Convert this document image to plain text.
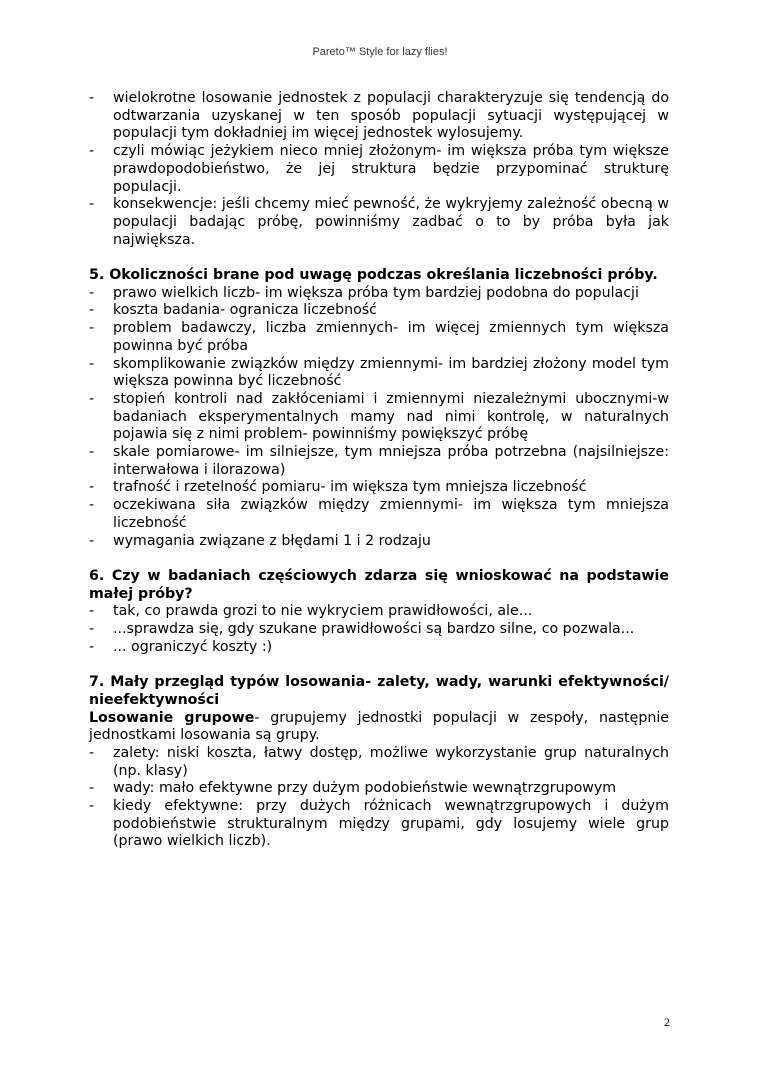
Pareto™ Style for lazy flies!
- wielokrotne losowanie jednostek z populacji charakteryzuje się tendencją do odtwarzania uzyskanej w ten sposób populacji sytuacji występującej w populacji tym dokładniej im więcej jednostek wylosujemy.
- czyli mówiąc jeżykiem nieco mniej złożonym- im większa próba tym większe prawdopodobieństwo, że jej struktura będzie przypominać strukturę populacji.
- konsekwencje: jeśli chcemy mieć pewność, że wykryjemy zależność obecną w populacji badając próbę, powinniśmy zadbać o to by próba była jak największa.
5. Okoliczności brane pod uwagę podczas określania liczebności próby.
- prawo wielkich liczb- im większa próba tym bardziej podobna do populacji
- koszta badania- ogranicza liczebność
- problem badawczy, liczba zmiennych- im więcej zmiennych tym większa powinna być próba
- skomplikowanie związków między zmiennymi- im bardziej złożony model tym większa powinna być liczebność
- stopień kontroli nad zakłóceniami i zmiennymi niezależnymi ubocznymi-w badaniach eksperymentalnych mamy nad nimi kontrolę, w naturalnych pojawia się z nimi problem- powinniśmy powiększyć próbę
- skale pomiarowe- im silniejsze, tym mniejsza próba potrzebna (najsilniejsze: interwałowa i ilorazowa)
- trafność i rzetelność pomiaru- im większa tym mniejsza liczebność
- oczekiwana siła związków między zmiennymi- im większa tym mniejsza liczebność
- wymagania związane z błędami 1 i 2 rodzaju
6. Czy w badaniach częściowych zdarza się wnioskować na podstawie małej próby?
- tak, co prawda grozi to nie wykryciem prawidłowości, ale...
- ...sprawdza się, gdy szukane prawidłowości są bardzo silne, co pozwala...
- ... ograniczyć koszty :)
7. Mały przegląd typów losowania- zalety, wady, warunki efektywności/ nieefektywności

Losowanie grupowe- grupujemy jednostki populacji w zespoły, następnie jednostkami losowania są grupy.

- zalety: niski koszta, łatwy dostęp, możliwe wykorzystanie grup naturalnych (np. klasy)
- wady: mało efektywne przy dużym podobieństwie wewnątrzgrupowym
- kiedy efektywne: przy dużych różnicach wewnątrzgrupowych i dużym podobieństwie strukturalnym między grupami, gdy losujemy wiele grup (prawo wielkich liczb).
2
